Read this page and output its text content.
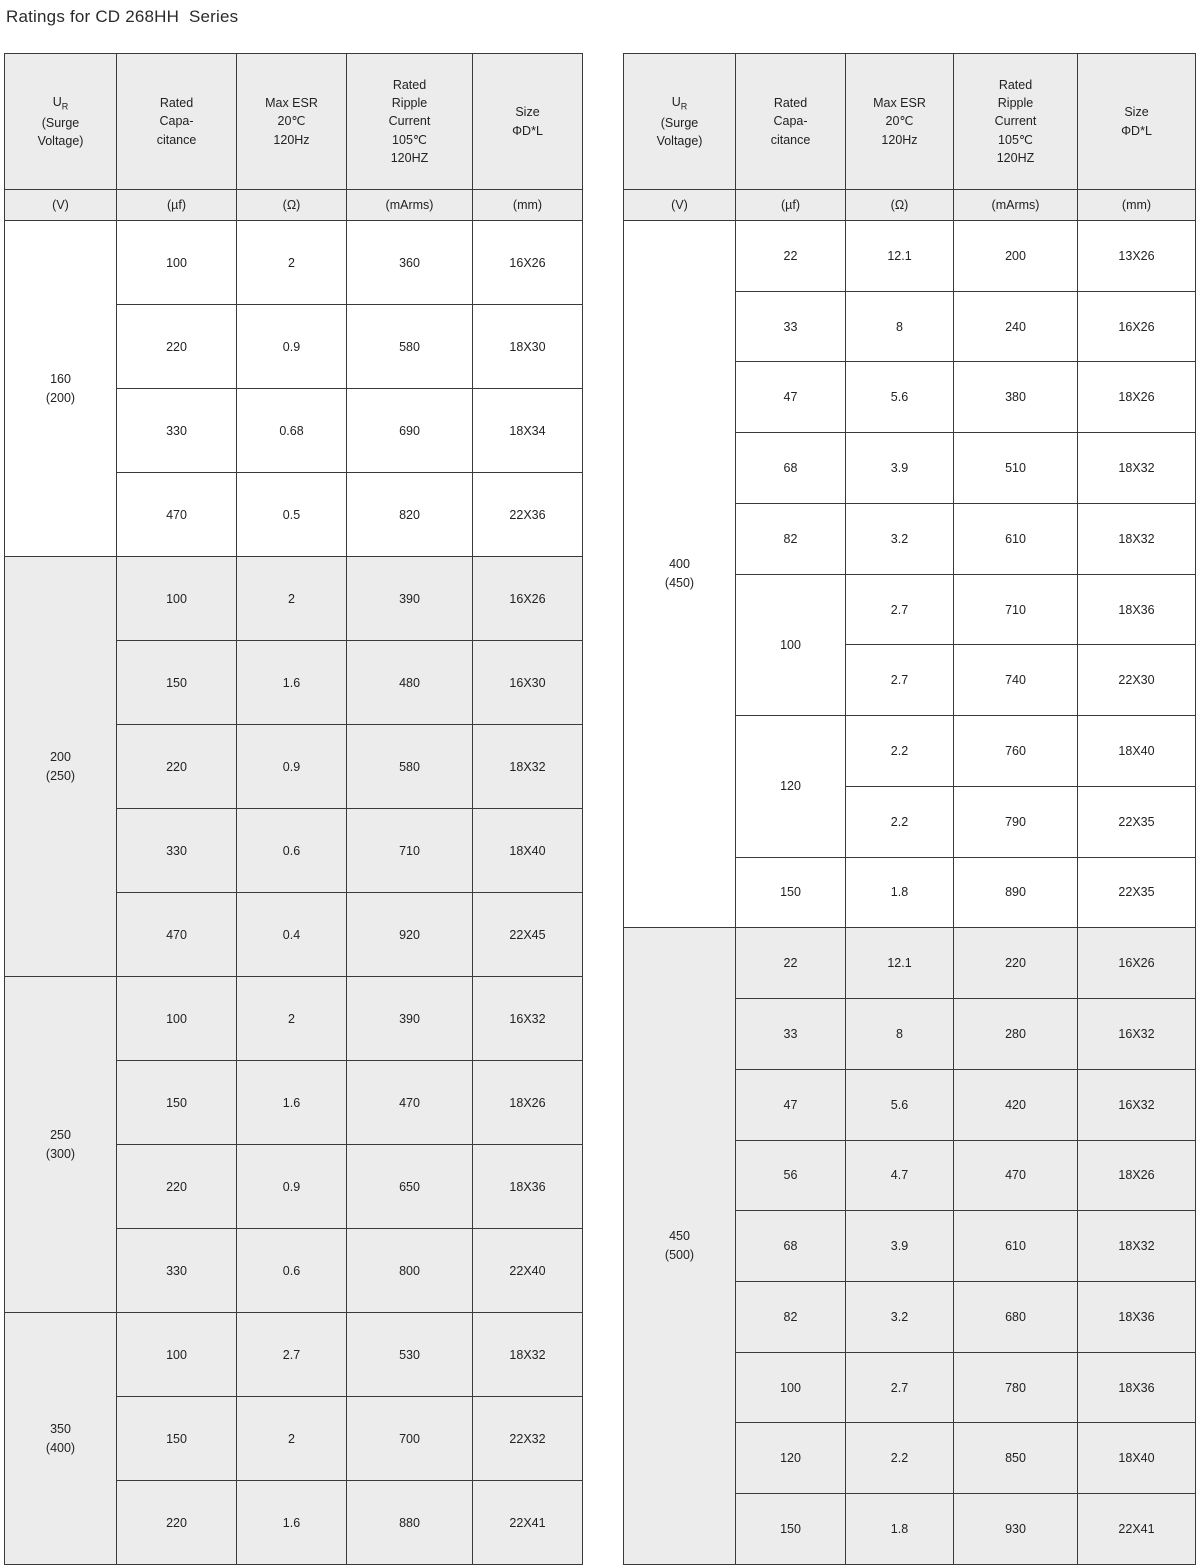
Ratings for CD 268HH  Series
$U_R$
(Surge
Voltage)	Rated
Capa-
citance	Max ESR
20℃
120Hz	Rated
Ripple
Current
105℃
120HZ	Size
ΦD*L
(V)	(µf)	(Ω)	(mArms)	(mm)
160
(200)	100	2	360	16X26
	220	0.9	580	18X30
	330	0.68	690	18X34
	470	0.5	820	22X36
200
(250)	100	2	390	16X26
	150	1.6	480	16X30
	220	0.9	580	18X32
	330	0.6	710	18X40
	470	0.4	920	22X45
250
(300)	100	2	390	16X32
	150	1.6	470	18X26
	220	0.9	650	18X36
	330	0.6	800	22X40
350
(400)	100	2.7	530	18X32
	150	2	700	22X32
	220	1.6	880	22X41
$U_R$
(Surge
Voltage)	Rated
Capa-
citance	Max ESR
20℃
120Hz	Rated
Ripple
Current
105℃
120HZ	Size
ΦD*L
(V)	(µf)	(Ω)	(mArms)	(mm)
400
(450)	22	12.1	200	13X26
	33	8	240	16X26
	47	5.6	380	18X26
	68	3.9	510	18X32
	82	3.2	610	18X32
	100	2.7	710	18X36
		2.7	740	22X30
	120	2.2	760	18X40
		2.2	790	22X35
	150	1.8	890	22X35
450
(500)	22	12.1	220	16X26
	33	8	280	16X32
	47	5.6	420	16X32
	56	4.7	470	18X26
	68	3.9	610	18X32
	82	3.2	680	18X36
	100	2.7	780	18X36
	120	2.2	850	18X40
	150	1.8	930	22X41
